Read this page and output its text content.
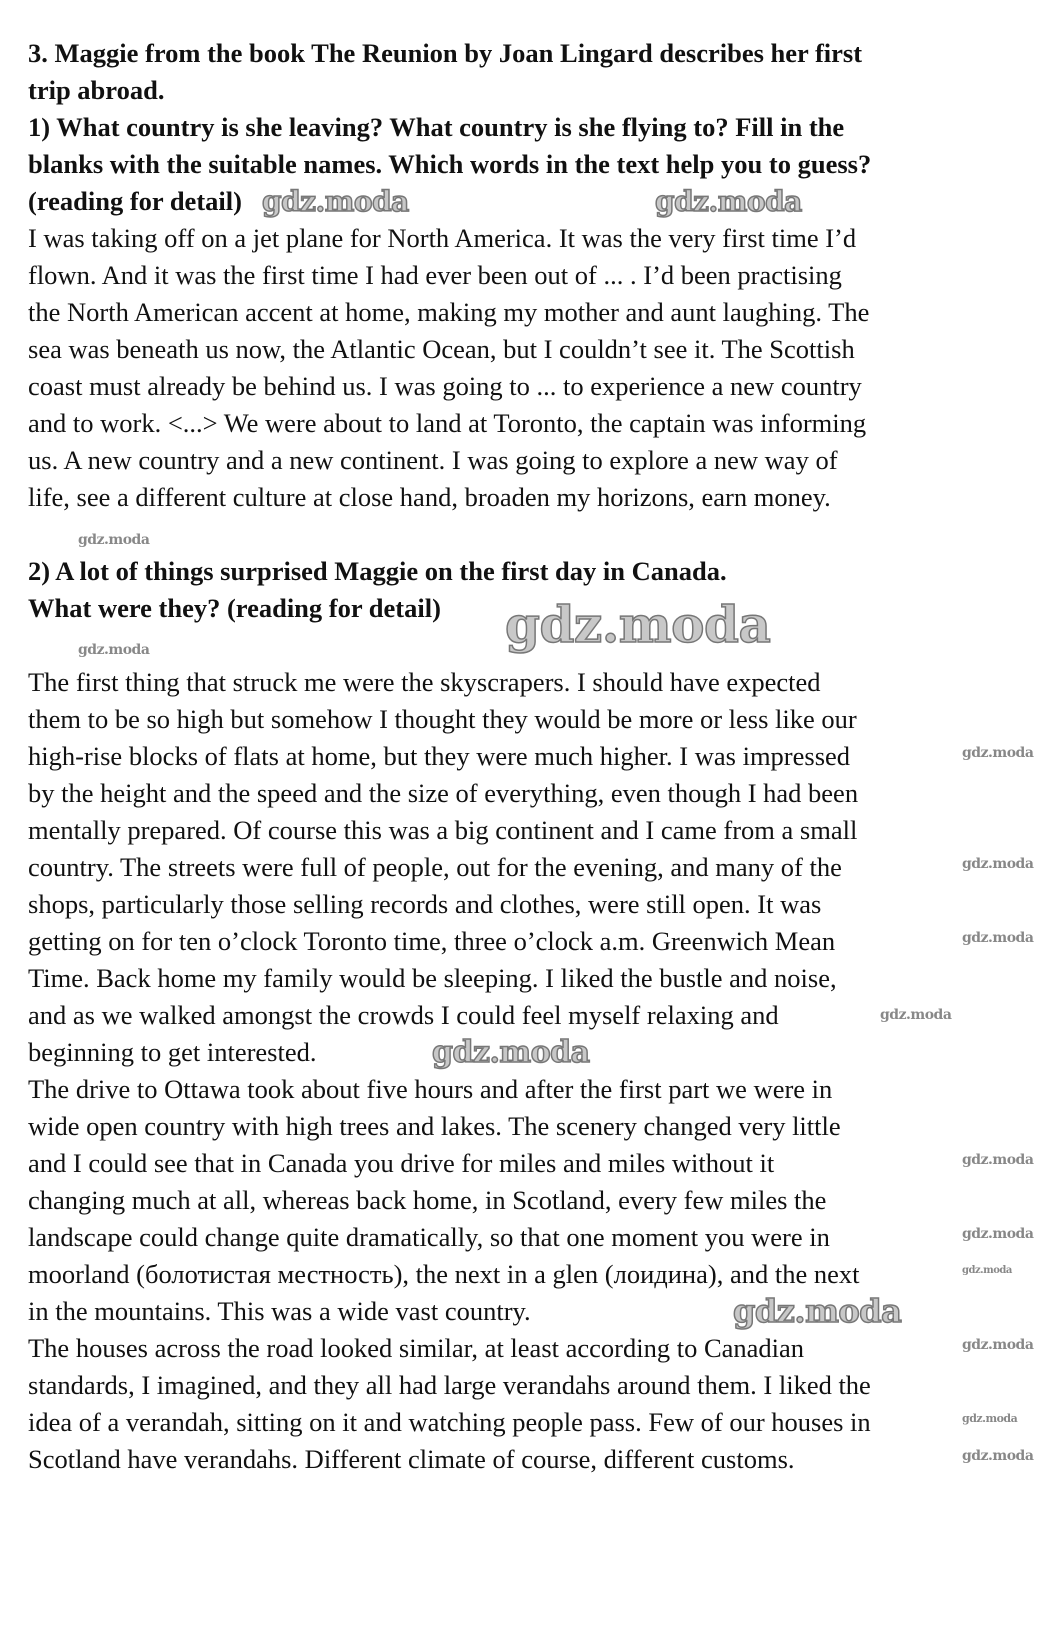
3. Maggie from the book The Reunion by Joan Lingard describes her first
trip abroad.
1) What country is she leaving? What country is she flying to? Fill in the
blanks with the suitable names. Which words in the text help you to guess?
(reading for detail)
I was taking off on a jet plane for North America. It was the very first time I’d
flown. And it was the first time I had ever been out of ... . I’d been practising
the North American accent at home, making my mother and aunt laughing. The
sea was beneath us now, the Atlantic Ocean, but I couldn’t see it. The Scottish
coast must already be behind us. I was going to ... to experience a new country
and to work. <...> We were about to land at Toronto, the captain was informing
us. A new country and a new continent. I was going to explore a new way of
life, see a different culture at close hand, broaden my horizons, earn money.
2) A lot of things surprised Maggie on the first day in Canada.
What were they? (reading for detail)
The first thing that struck me were the skyscrapers. I should have expected
them to be so high but somehow I thought they would be more or less like our
high-rise blocks of flats at home, but they were much higher. I was impressed
by the height and the speed and the size of everything, even though I had been
mentally prepared. Of course this was a big continent and I came from a small
country. The streets were full of people, out for the evening, and many of the
shops, particularly those selling records and clothes, were still open. It was
getting on for ten o’clock Toronto time, three o’clock a.m. Greenwich Mean
Time. Back home my family would be sleeping. I liked the bustle and noise,
and as we walked amongst the crowds I could feel myself relaxing and
beginning to get interested.
The drive to Ottawa took about five hours and after the first part we were in
wide open country with high trees and lakes. The scenery changed very little
and I could see that in Canada you drive for miles and miles without it
changing much at all, whereas back home, in Scotland, every few miles the
landscape could change quite dramatically, so that one moment you were in
moorland (болотистая местность), the next in a glen (лоидина), and the next
in the mountains. This was a wide vast country.
The houses across the road looked similar, at least according to Canadian
standards, I imagined, and they all had large verandahs around them. I liked the
idea of a verandah, sitting on it and watching people pass. Few of our houses in
Scotland have verandahs. Different climate of course, different customs.
gdz.moda	gdz.moda
gdz.moda
gdz.moda
gdz.moda
gdz.moda
gdz.moda
gdz.moda
gdz.moda
gdz.moda
gdz.moda
gdz.moda
gdz.moda
gdz.moda
gdz.moda
gdz.moda
gdz.moda
